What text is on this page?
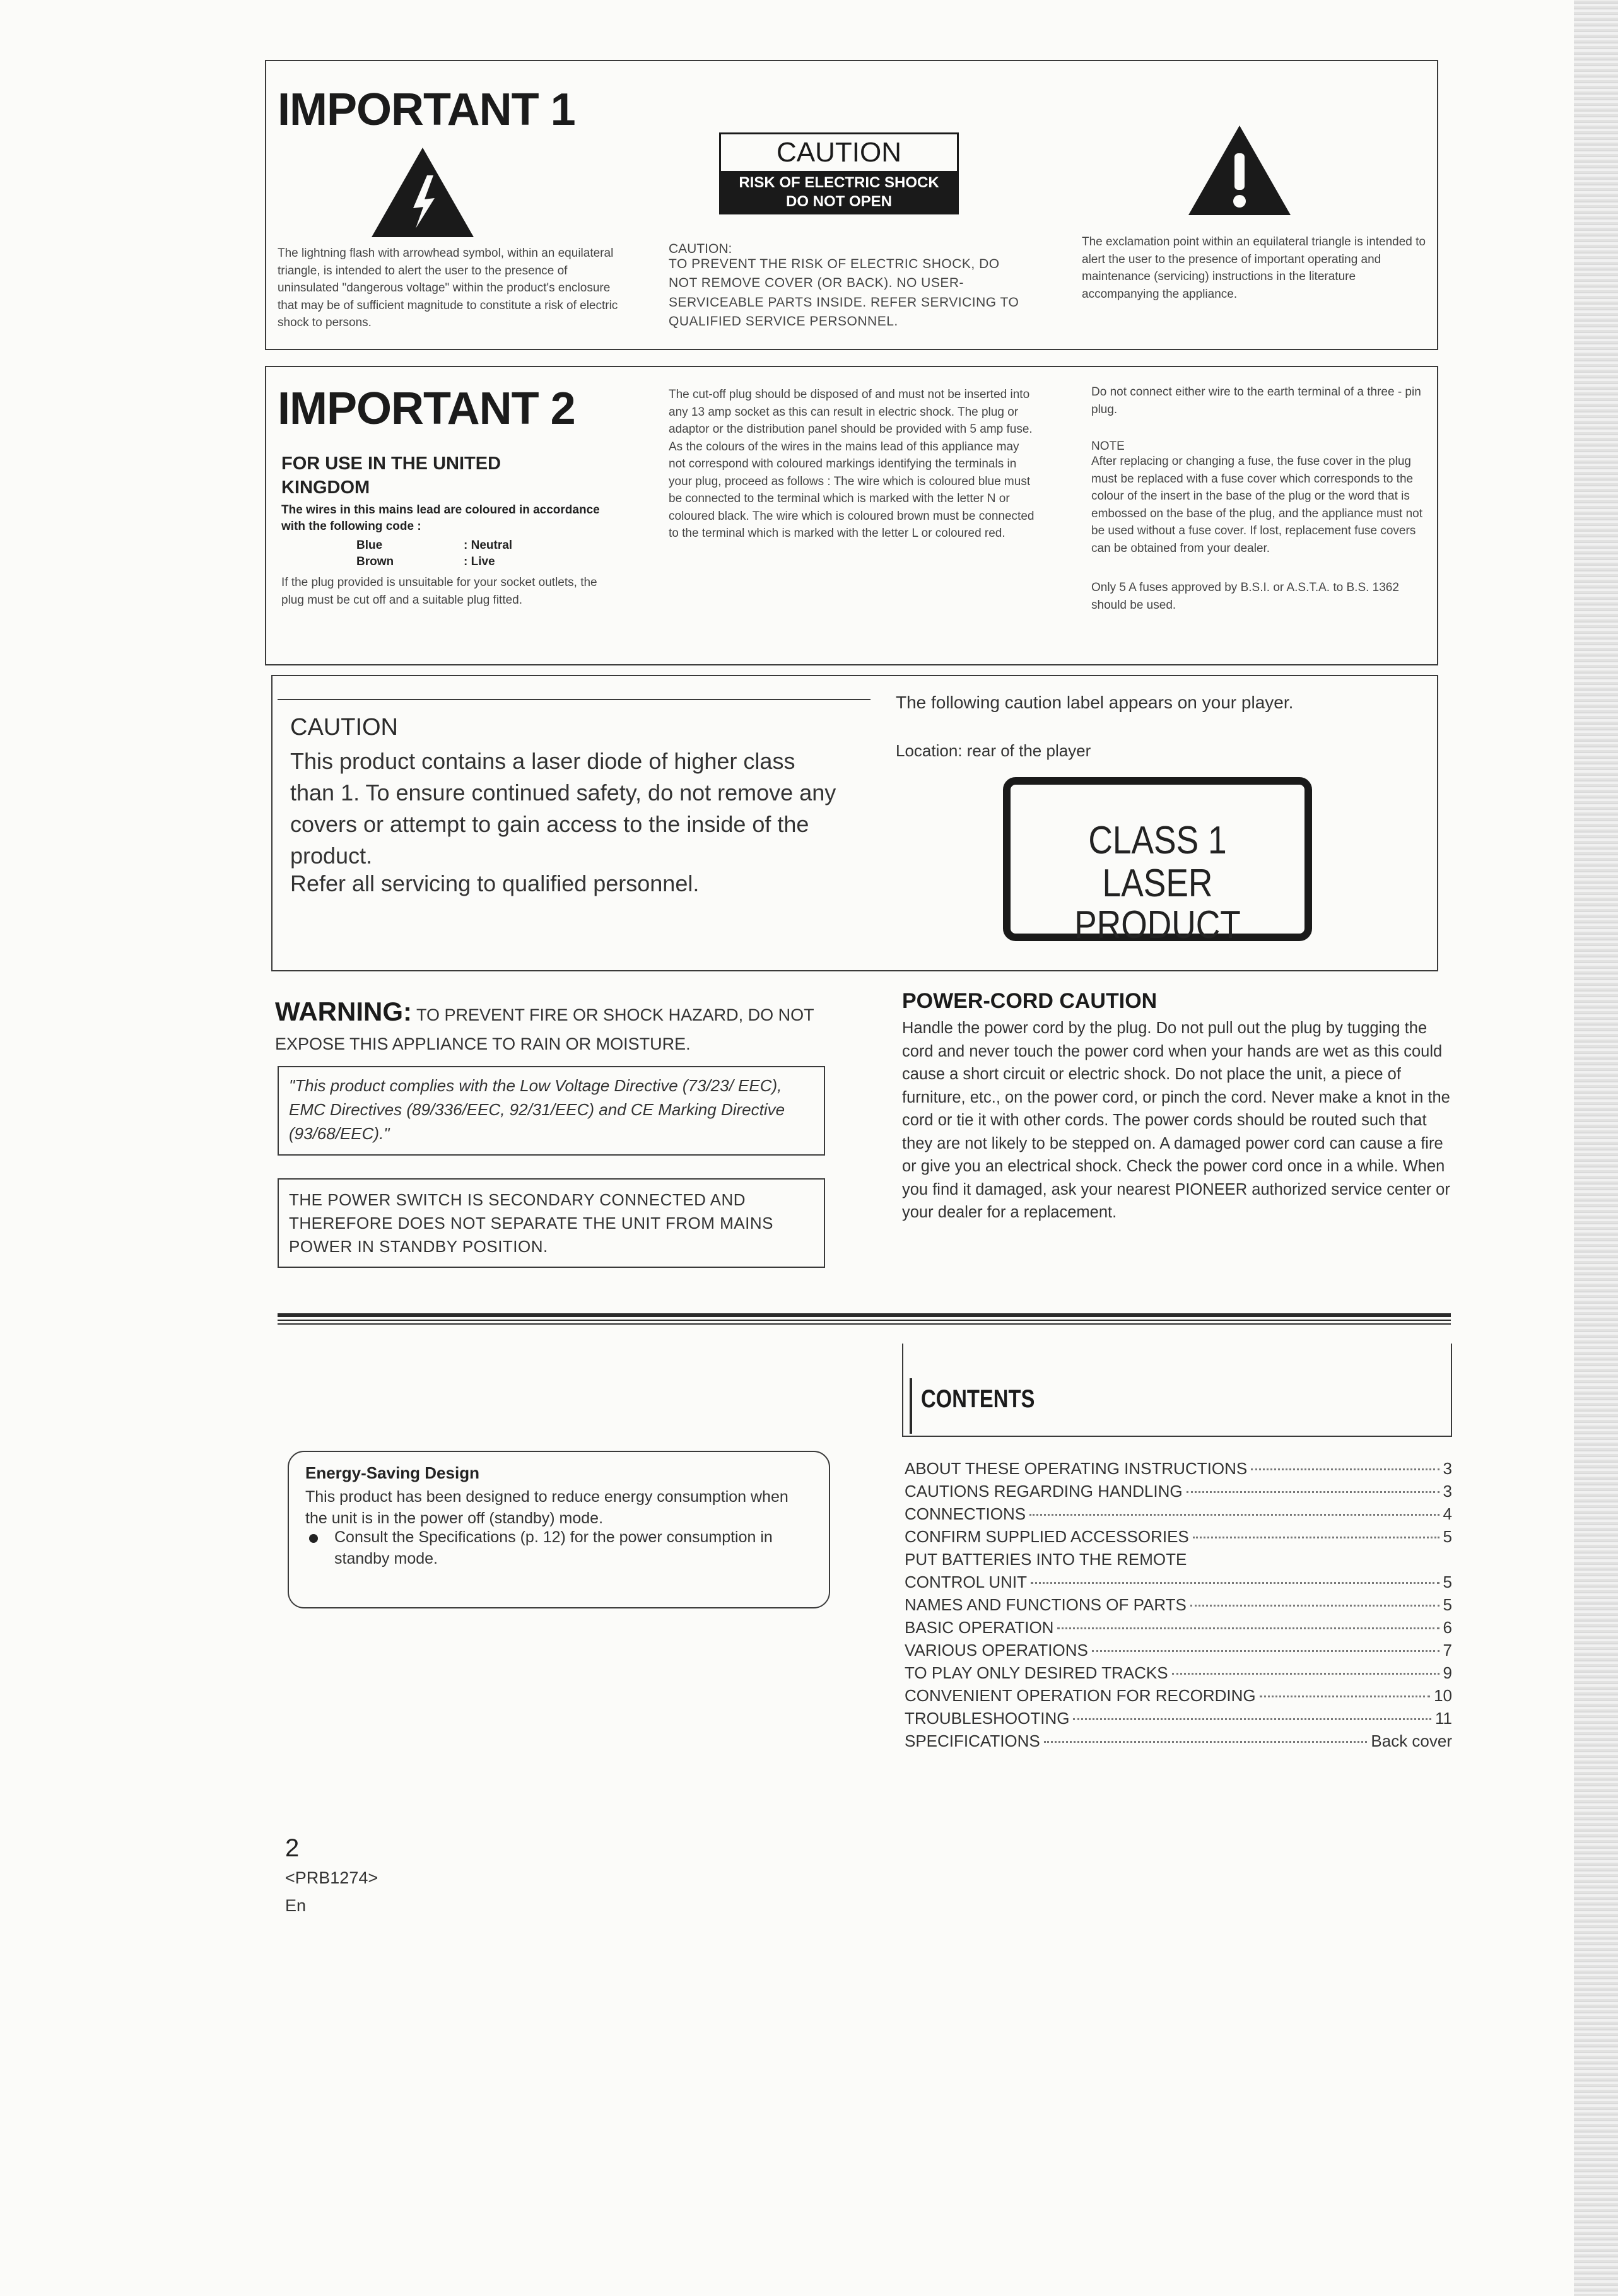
IMPORTANT 1
The lightning flash with arrowhead symbol, within an equilateral triangle, is intended to alert the user to the presence of uninsulated "dangerous voltage" within the product's enclosure that may be of sufficient magnitude to constitute a risk of electric shock to persons.
CAUTION
RISK OF ELECTRIC SHOCK
DO NOT OPEN
CAUTION:
TO PREVENT THE RISK OF ELECTRIC SHOCK, DO NOT REMOVE COVER (OR BACK). NO USER-SERVICEABLE PARTS INSIDE. REFER SERVICING TO QUALIFIED SERVICE PERSONNEL.
The exclamation point within an equilateral triangle is intended to alert the user to the presence of important operating and maintenance (servicing) instructions in the literature accompanying the appliance.
IMPORTANT 2
FOR USE IN THE UNITED KINGDOM
The wires in this mains lead are coloured in accordance with the following code :
Blue	: Neutral
Brown	: Live
If the plug provided is unsuitable for your socket outlets, the plug must be cut off and a suitable plug fitted.
The cut-off plug should be disposed of and must not be inserted into any 13 amp socket as this can result in electric shock. The plug or adaptor or the distribution panel should be provided with 5 amp fuse. As the colours of the wires in the mains lead of this appliance may not correspond with coloured markings identifying the terminals in your plug, proceed as follows : The wire which is coloured blue must be connected to the terminal which is marked with the letter N or coloured black. The wire which is coloured brown must be connected to the terminal which is marked with the letter L or coloured red.
Do not connect either wire to the earth terminal of a three - pin plug.
NOTE
After replacing or changing a fuse, the fuse cover in the plug must be replaced with a fuse cover which corresponds to the colour of the insert in the base of the plug or the word that is embossed on the base of the plug, and the appliance must not be used without a fuse cover. If lost, replacement fuse covers can be obtained from your dealer.
Only 5 A fuses approved by B.S.I. or A.S.T.A. to B.S. 1362 should be used.
CAUTION
This product contains a laser diode of higher class than 1. To ensure continued safety, do not remove any covers or attempt to gain access to the inside of the product.
Refer all servicing to qualified personnel.
The following caution label appears on your player.
Location: rear of the player
CLASS 1
LASER PRODUCT
WARNING: TO PREVENT FIRE OR SHOCK HAZARD, DO NOT
EXPOSE THIS APPLIANCE TO RAIN OR MOISTURE.
"This product complies with the Low Voltage Directive (73/23/ EEC), EMC Directives (89/336/EEC, 92/31/EEC) and CE Marking Directive (93/68/EEC)."
THE POWER SWITCH IS SECONDARY CONNECTED AND THEREFORE DOES NOT SEPARATE THE UNIT FROM MAINS POWER IN STANDBY POSITION.
POWER-CORD CAUTION
Handle the power cord by the plug. Do not pull out the plug by tugging the cord and never touch the power cord when your hands are wet as this could cause a short circuit or electric shock. Do not place the unit, a piece of furniture, etc., on the power cord, or pinch the cord. Never make a knot in the cord or tie it with other cords. The power cords should be routed such that they are not likely to be stepped on. A damaged power cord can cause a fire or give you an electrical shock. Check the power cord once in a while. When you find it damaged, ask your nearest PIONEER authorized service center or your dealer for a replacement.
Energy-Saving Design
This product has been designed to reduce energy consumption when the unit is in the power off (standby) mode.
Consult the Specifications (p. 12) for the power consumption in standby mode.
CONTENTS
ABOUT THESE OPERATING INSTRUCTIONS	3
CAUTIONS REGARDING HANDLING	3
CONNECTIONS	4
CONFIRM SUPPLIED ACCESSORIES	5
PUT BATTERIES INTO THE REMOTE
CONTROL UNIT	5
NAMES AND FUNCTIONS OF PARTS	5
BASIC OPERATION	6
VARIOUS OPERATIONS	7
TO PLAY ONLY DESIRED TRACKS	9
CONVENIENT OPERATION FOR RECORDING	10
TROUBLESHOOTING	11
SPECIFICATIONS	Back cover
2
<PRB1274>
En
